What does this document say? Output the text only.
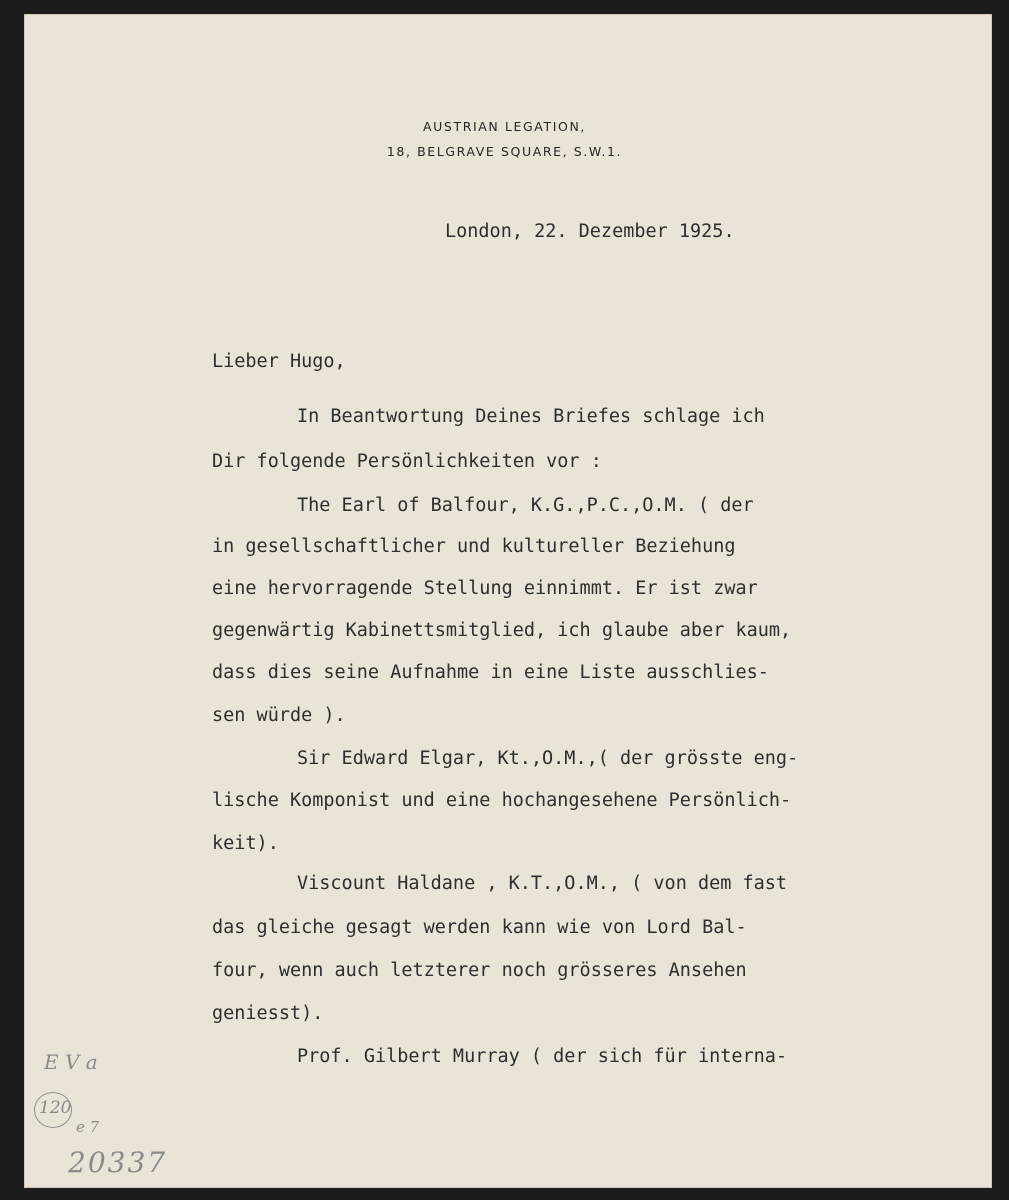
AUSTRIAN LEGATION,
18, BELGRAVE SQUARE, S.W.1.
London, 22. Dezember 1925.
Lieber Hugo,
In Beantwortung Deines Briefes schlage ich
Dir folgende Persönlichkeiten vor :
The Earl of Balfour, K.G.,P.C.,O.M. ( der
in gesellschaftlicher und kultureller Beziehung
eine hervorragende Stellung einnimmt. Er ist zwar
gegenwärtig Kabinettsmitglied, ich glaube aber kaum,
dass dies seine Aufnahme in eine Liste ausschlies-
sen würde ).
Sir Edward Elgar, Kt.,O.M.,( der grösste eng-
lische Komponist und eine hochangesehene Persönlich-
keit).
Viscount Haldane , K.T.,O.M., ( von dem fast
das gleiche gesagt werden kann wie von Lord Bal-
four, wenn auch letzterer noch grösseres Ansehen
geniesst).
Prof. Gilbert Murray ( der sich für interna-
E V a
120
e 7
20337
